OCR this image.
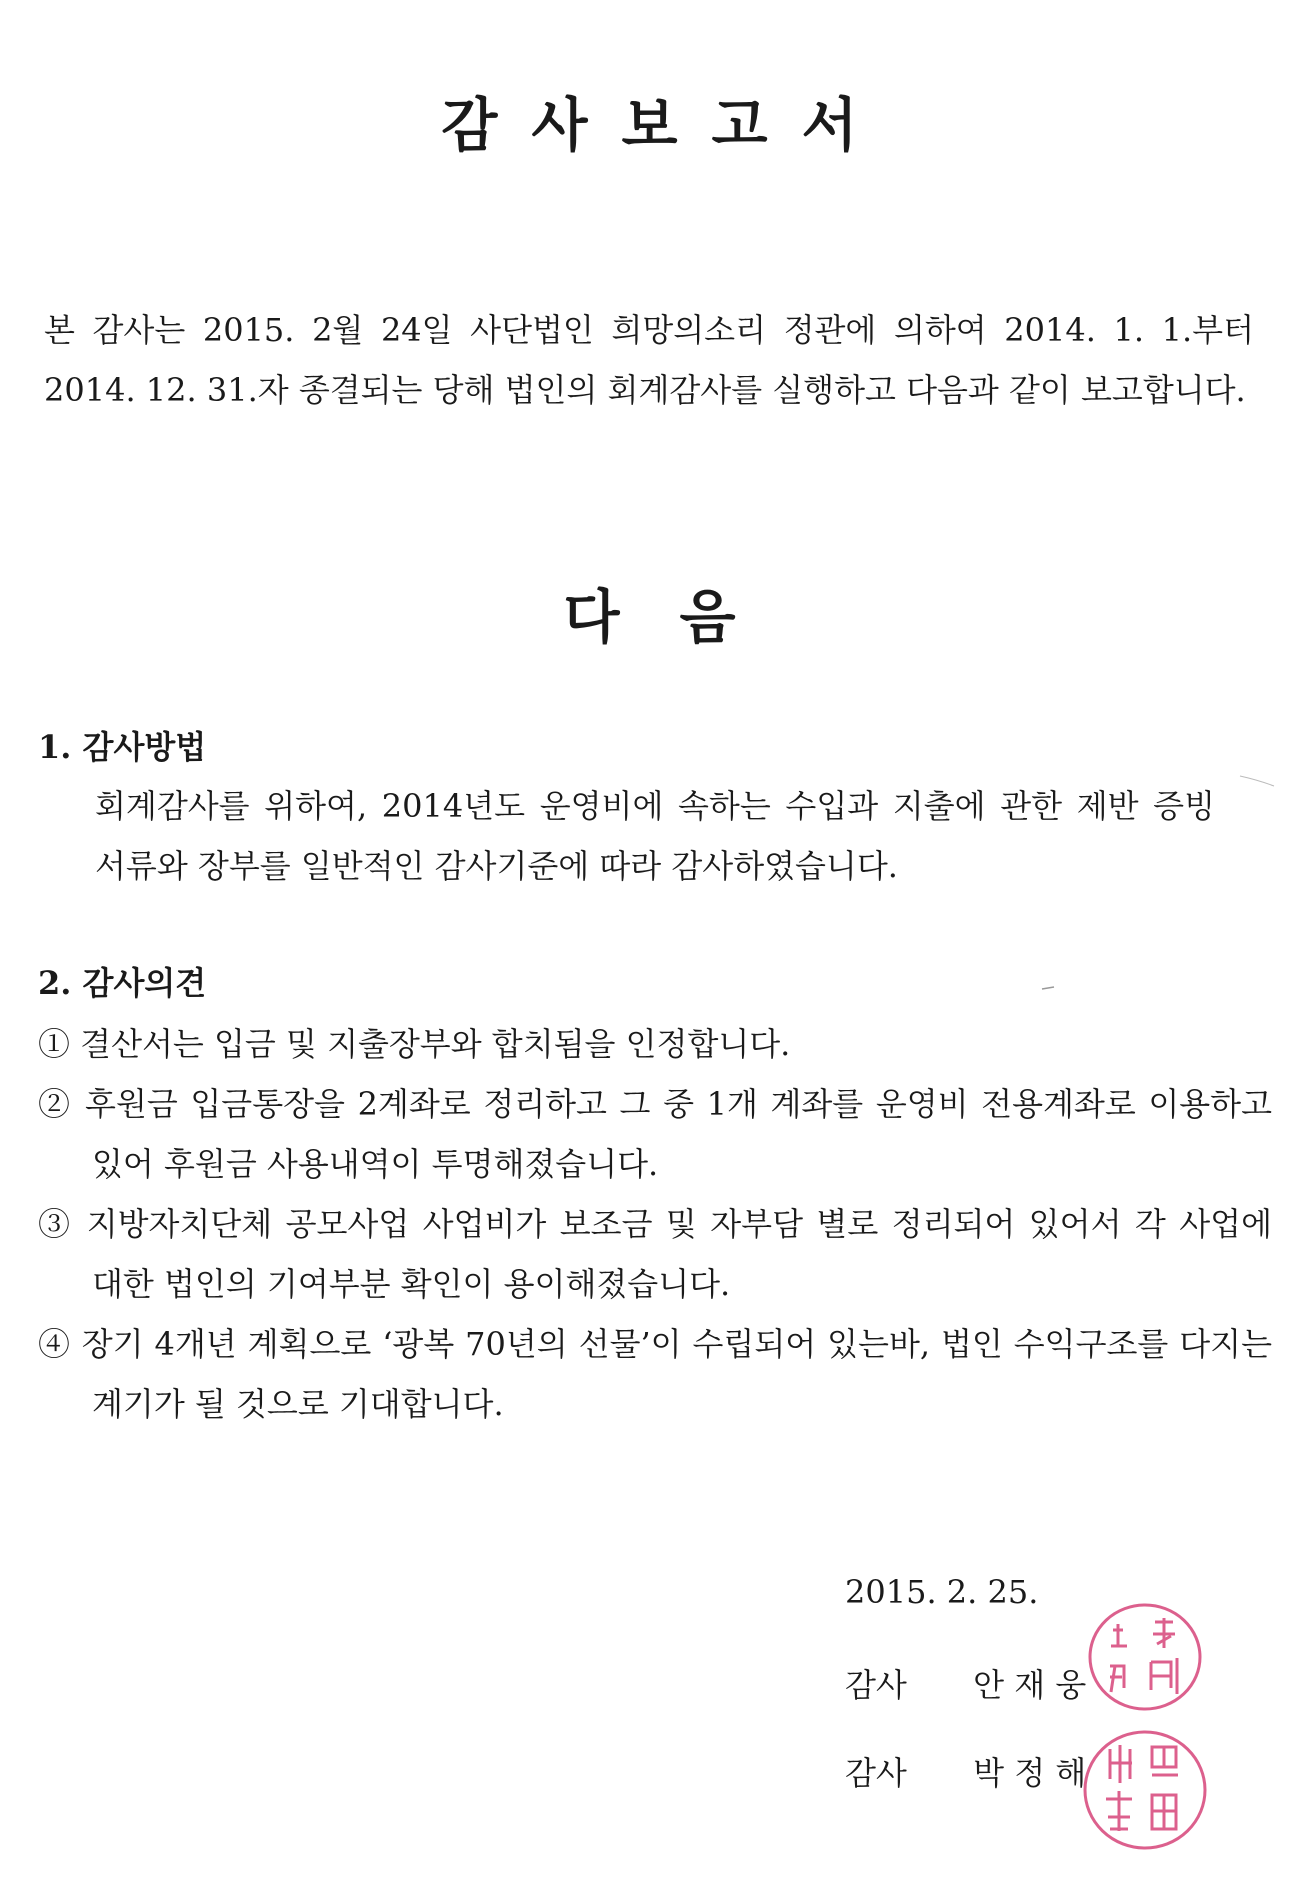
감사보고서

본 감사는 2015. 2월 24일 사단법인 희망의소리 정관에 의하여 2014. 1. 1.부터 2014. 12. 31.자 종결되는 당해 법인의 회계감사를 실행하고 다음과 같이 보고합니다.

다음
1. 감사방법

회계감사를 위하여, 2014년도 운영비에 속하는 수입과 지출에 관한 제반 증빙 서류와 장부를 일반적인 감사기준에 따라 감사하였습니다.

2. 감사의견

① 결산서는 입금 및 지출장부와 합치됨을 인정합니다.

② 후원금 입금통장을 2계좌로 정리하고 그 중 1개 계좌를 운영비 전용계좌로 이용하고 있어 후원금 사용내역이 투명해졌습니다.

③ 지방자치단체 공모사업 사업비가 보조금 및 자부담 별로 정리되어 있어서 각 사업에 대한 법인의 기여부분 확인이 용이해졌습니다.

④ 장기 4개년 계획으로 ‘광복 70년의 선물’이 수립되어 있는바, 법인 수익구조를 다지는 계기가 될 것으로 기대합니다.

2015. 2. 25.
감사 안 재 웅
감사 박 정 해
